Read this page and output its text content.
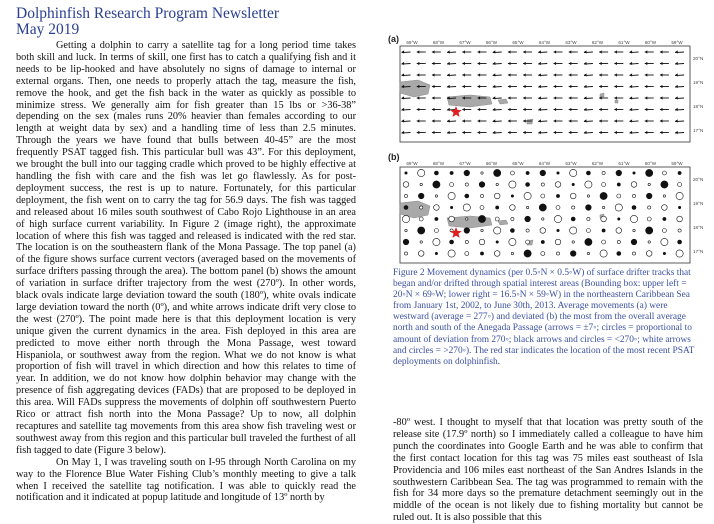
Dolphinfish Research Program Newsletter
May 2019

Getting a dolphin to carry a satellite tag for a long period time takes both skill and luck. In terms of skill, one first has to catch a qualifying fish and it needs to be lip-hooked and have absolutely no signs of damage to internal or external organs. Then, one needs to properly attach the tag, measure the fish, remove the hook, and get the fish back in the water as quickly as possible to minimize stress. We generally aim for fish greater than 15 lbs or >36-38” depending on the sex (males runs 20% heavier than females according to our length at weight data by sex) and a handling time of less than 2.5 minutes. Through the years we have found that bulls between 40-45” are the most frequently PSAT tagged fish. This particular bull was 43”. For this deployment, we brought the bull into our tagging cradle which proved to be highly effective at handling the fish with care and the fish was let go flawlessly. As for post-deployment success, the rest is up to nature. Fortunately, for this particular deployment, the fish went on to carry the tag for 56.9 days. The fish was tagged and released about 16 miles south southwest of Cabo Rojo Lighthouse in an area of high surface current variability. In Figure 2 (image right), the approximate location of where this fish was tagged and released is indicated with the red star. The location is on the southeastern flank of the Mona Passage. The top panel (a) of the figure shows surface current vectors (averaged based on the movements of surface drifters passing through the area). The bottom panel (b) shows the amount of variation in surface drifter trajectory from the west (270º). In other words, black ovals indicate large deviation toward the south (180º), white ovals indicate large deviation toward the north (0º), and white arrows indicate drift very close to the west (270º). The point made here is that this deployment location is very unique given the current dynamics in the area. Fish deployed in this area are predicted to move either north through the Mona Passage, west toward Hispaniola, or southwest away from the region. What we do not know is what proportion of fish will travel in which direction and how this relates to time of year. In addition, we do not know how dolphin behavior may change with the presence of fish aggregating devices (FADs) that are proposed to be deployed in this area. Will FADs suppress the movements of dolphin off southwestern Puerto Rico or attract fish north into the Mona Passage? Up to now, all dolphin recaptures and satellite tag movements from this area show fish traveling west or southwest away from this region and this particular bull traveled the furthest of all fish tagged to date (Figure 3 below).

On May 1, I was traveling south on I-95 through North Carolina on my way to the Florence Blue Water Fishing Club’s monthly meeting to give a talk when I received the satellite tag notification. I was able to quickly read the notification and it indicated at popup latitude and longitude of 13º north by

(a)
(b)
69°W	68°W	67°W	66°W	65°W	64°W	63°W	62°W	61°W	60°W	59°W
20°N
19°N
18°N
17°N
69°W	68°W	67°W	66°W	65°W	64°W	63°W	62°W	61°W	60°W	59°W
20°N
19°N
18°N
17°N
Figure 2 Movement dynamics (per 0.5◦N × 0.5◦W) of surface drifter tracks that began and/or drifted through spatial interest areas (Bounding box: upper left = 20◦N × 69◦W; lower right = 16.5◦N × 59◦W) in the northeastern Caribbean Sea from January 1st, 2002, to June 30th, 2013. Average movements (a) were westward (average = 277◦) and deviated (b) the most from the overall average north and south of the Anegada Passage (arrows = ±7◦; circles = proportional to amount of deviation from 270◦; black arrows and circles = <270◦; white arrows and circles = >270◦). The red star indicates the location of the most recent PSAT deployments on dolphinfish.

-80º west. I thought to myself that that location was pretty south of the release site (17.9º north) so I immediately called a colleague to have him punch the coordinates into Google Earth and he was able to confirm that the first contact location for this tag was 75 miles east southeast of Isla Providencia and 106 miles east northeast of the San Andres Islands in the southwestern Caribbean Sea. The tag was programmed to remain with the fish for 34 more days so the premature detachment seemingly out in the middle of the ocean is not likely due to fishing mortality but cannot be ruled out. It is also possible that this
